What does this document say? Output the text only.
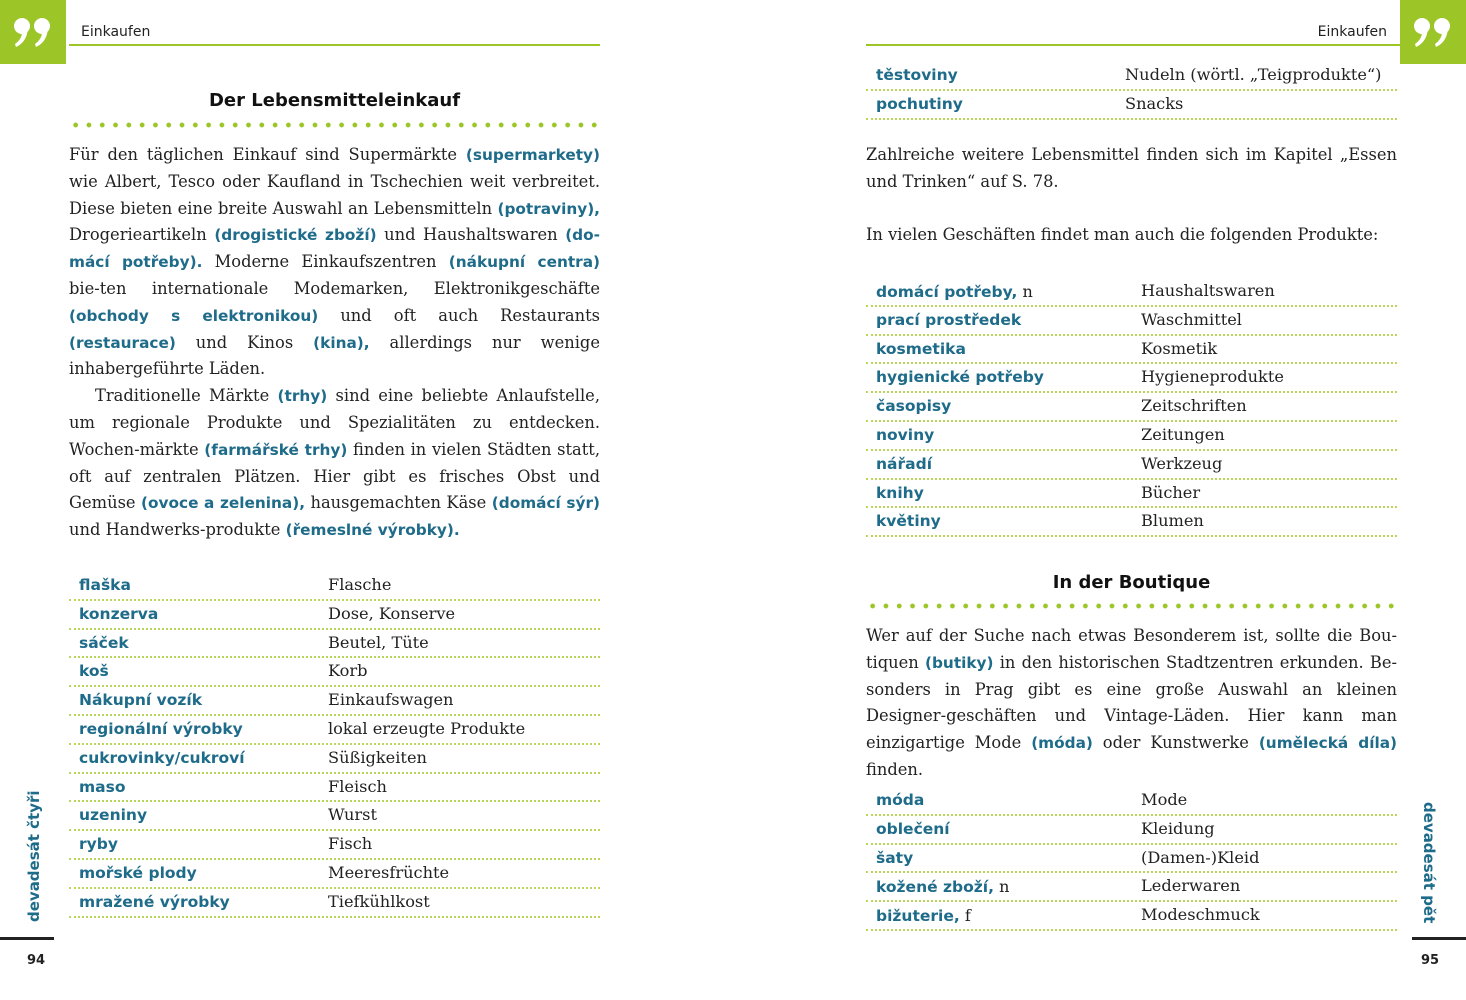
Einkaufen
Der Lebensmitteleinkauf

Für den täglichen Einkauf sind Supermärkte (supermarkety) wie Albert, Tesco oder Kaufland in Tschechien weit verbreitet. Diese bieten eine breite Auswahl an Lebensmitteln (potraviny), Drogerieartikeln (drogistické zboží) und Haushaltswaren (do-mácí potřeby). Moderne Einkaufszentren (nákupní centra) bie-ten internationale Modemarken, Elektronikgeschäfte (obchody s elektronikou) und oft auch Restaurants (restaurace) und Kinos (kina), allerdings nur wenige inhabergeführte Läden.

Traditionelle Märkte (trhy) sind eine beliebte Anlaufstelle, um regionale Produkte und Spezialitäten zu entdecken. Wochen-märkte (farmářské trhy) finden in vielen Städten statt, oft auf zentralen Plätzen. Hier gibt es frisches Obst und Gemüse (ovoce a zelenina), hausgemachten Käse (domácí sýr) und Handwerks-produkte (řemeslné výrobky).

flaška	Flasche
konzerva	Dose, Konserve
sáček	Beutel, Tüte
koš	Korb
Nákupní vozík	Einkaufswagen
regionální výrobky	lokal erzeugte Produkte
cukrovinky/cukroví	Süßigkeiten
maso	Fleisch
uzeniny	Wurst
ryby	Fisch
mořské plody	Meeresfrüchte
mražené výrobky	Tiefkühlkost
devadesát čtyři
94
Einkaufen
těstoviny	Nudeln (wörtl. „Teigprodukte“)
pochutiny	Snacks

Zahlreiche weitere Lebensmittel finden sich im Kapitel „Essen und Trinken“ auf S. 78.

In vielen Geschäften findet man auch die folgenden Produkte:

domácí potřeby, n	Haushaltswaren
prací prostředek	Waschmittel
kosmetika	Kosmetik
hygienické potřeby	Hygieneprodukte
časopisy	Zeitschriften
noviny	Zeitungen
nářadí	Werkzeug
knihy	Bücher
květiny	Blumen
In der Boutique

Wer auf der Suche nach etwas Besonderem ist, sollte die Bou-tiquen (butiky) in den historischen Stadtzentren erkunden. Be-sonders in Prag gibt es eine große Auswahl an kleinen Designer-geschäften und Vintage-Läden. Hier kann man einzigartige Mode (móda) oder Kunstwerke (umělecká díla) finden.

móda	Mode
oblečení	Kleidung
šaty	(Damen-)Kleid
kožené zboží, n	Lederwaren
bižuterie, f	Modeschmuck	devadesát pět
95
